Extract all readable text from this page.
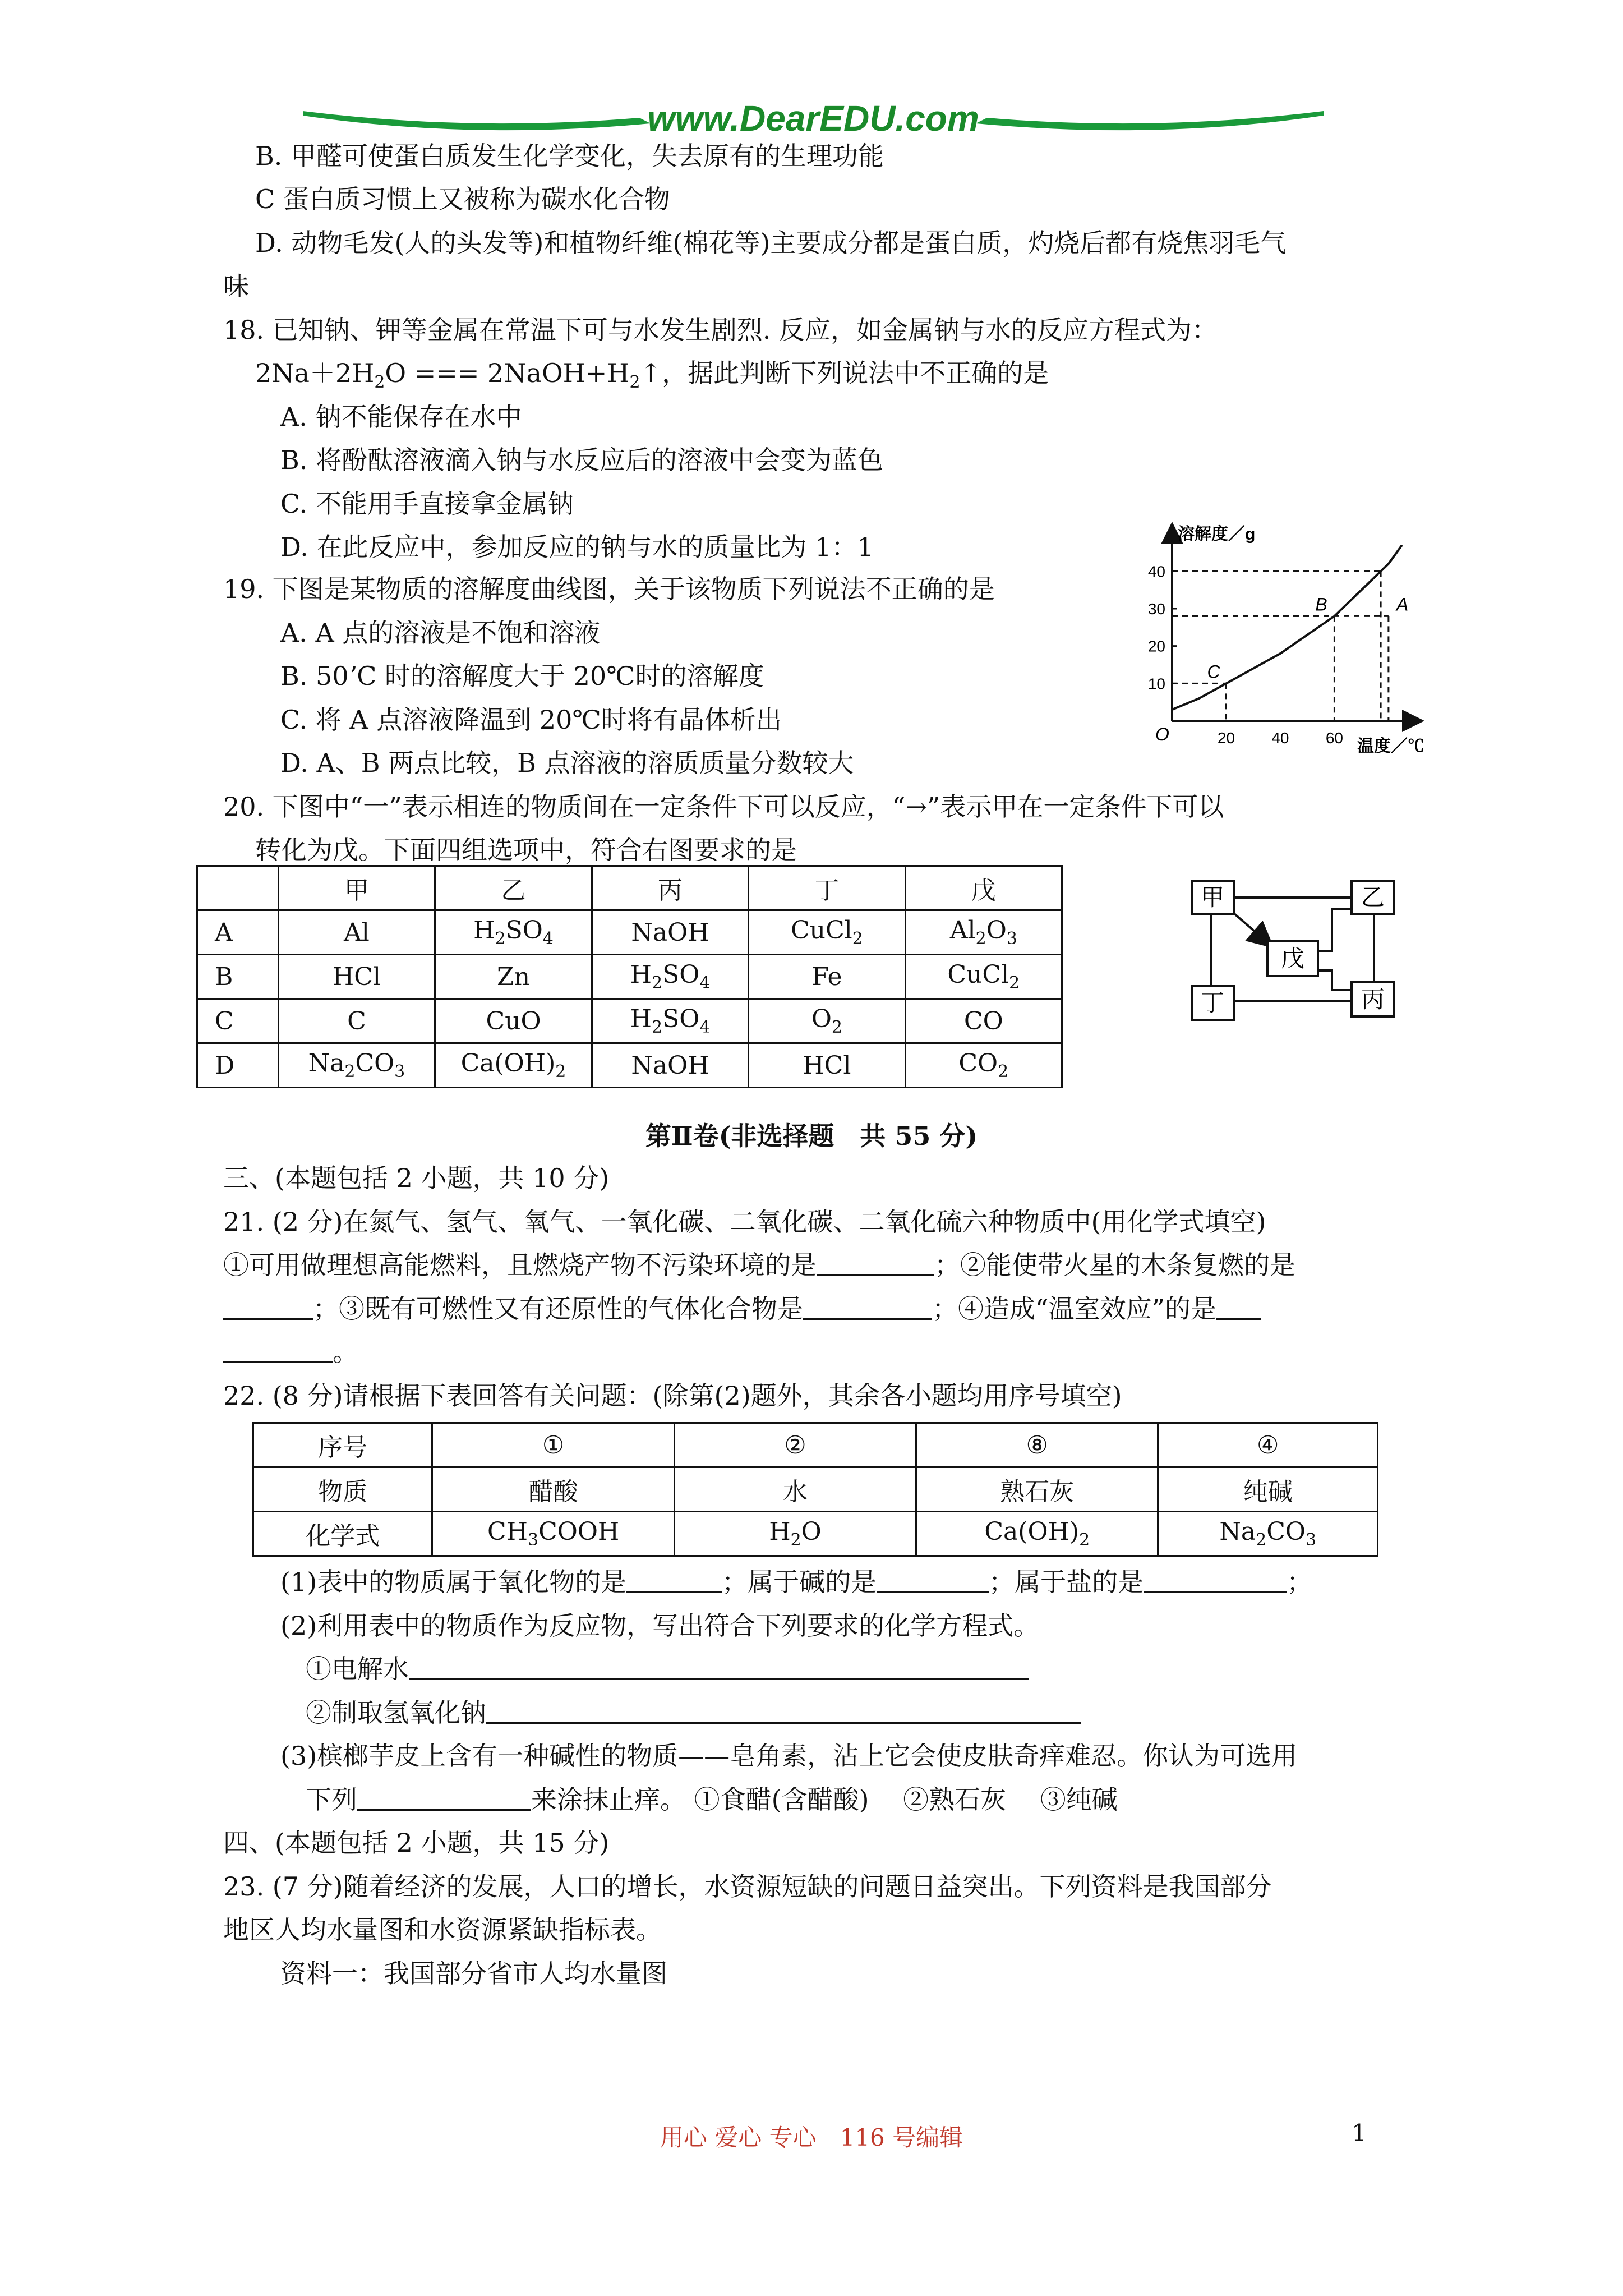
www.DearEDU.com
B. 甲醛可使蛋白质发生化学变化，失去原有的生理功能
C 蛋白质习惯上又被称为碳水化合物
D. 动物毛发(人的头发等)和植物纤维(棉花等)主要成分都是蛋白质，灼烧后都有烧焦羽毛气
味
18. 已知钠、钾等金属在常温下可与水发生剧烈. 反应，如金属钠与水的反应方程式为：
$2Na+2H_2O$ === $2NaOH+H_2↑$，据此判断下列说法中不正确的是
A. 钠不能保存在水中
B. 将酚酞溶液滴入钠与水反应后的溶液中会变为蓝色
C. 不能用手直接拿金属钠
D. 在此反应中，参加反应的钠与水的质量比为 1：1
19. 下图是某物质的溶解度曲线图，关于该物质下列说法不正确的是
A. A 点的溶液是不饱和溶液
B. 50ʼC 时的溶解度大于 20℃时的溶解度
C. 将 A 点溶液降温到 20℃时将有晶体析出
D. A、B 两点比较，B 点溶液的溶质质量分数较大
溶解度／g
温度／℃
O
10
20
30
40
20 40 60
C
B	A
20. 下图中“一”表示相连的物质间在一定条件下可以反应，“→”表示甲在一定条件下可以
转化为戊。下面四组选项中，符合右图要求的是
	甲	乙	丙	丁	戊
A	Al	$H_2SO_4$	NaOH	CuCl$_2$	$Al_2O_3$
B	HCl	Zn	$H_2SO_4$	Fe	CuCl$_2$
C	C	CuO	$H_2SO_4$	$O_2$	CO
D	$Na_2CO_3$	$Ca(OH)_2$	NaOH	HCl	$CO_2$
甲	乙
戊
丁	丙
第Ⅱ卷(非选择题　共 55 分)
三、(本题包括 2 小题，共 10 分)
21. (2 分)在氮气、氢气、氧气、一氧化碳、二氧化碳、二氧化硫六种物质中(用化学式填空)
①可用做理想高能燃料，且燃烧产物不污染环境的是	；②能使带火星的木条复燃的是
；③既有可燃性又有还原性的气体化合物是	；④造成“温室效应”的是
。
22. (8 分)请根据下表回答有关问题：(除第(2)题外，其余各小题均用序号填空)
序号	①	②	⑧	④
物质	醋酸	水	熟石灰	纯碱
化学式	$CH_3COOH$	$H_2O$	$Ca(OH)_2$	$Na_2CO_3$
(1)表中的物质属于氧化物的是	；属于碱的是	；属于盐的是	；
(2)利用表中的物质作为反应物，写出符合下列要求的化学方程式。
①电解水
②制取氢氧化钠
(3)槟榔芋皮上含有一种碱性的物质——皂角素，沾上它会使皮肤奇痒难忍。你认为可选用
下列	来涂抹止痒。 ①食醋(含醋酸)　 ②熟石灰　 ③纯碱
四、(本题包括 2 小题，共 15 分)
23. (7 分)随着经济的发展，人口的增长，水资源短缺的问题日益突出。下列资料是我国部分
地区人均水量图和水资源紧缺指标表。
资料一：我国部分省市人均水量图
用心 爱心 专心　116 号编辑	1
